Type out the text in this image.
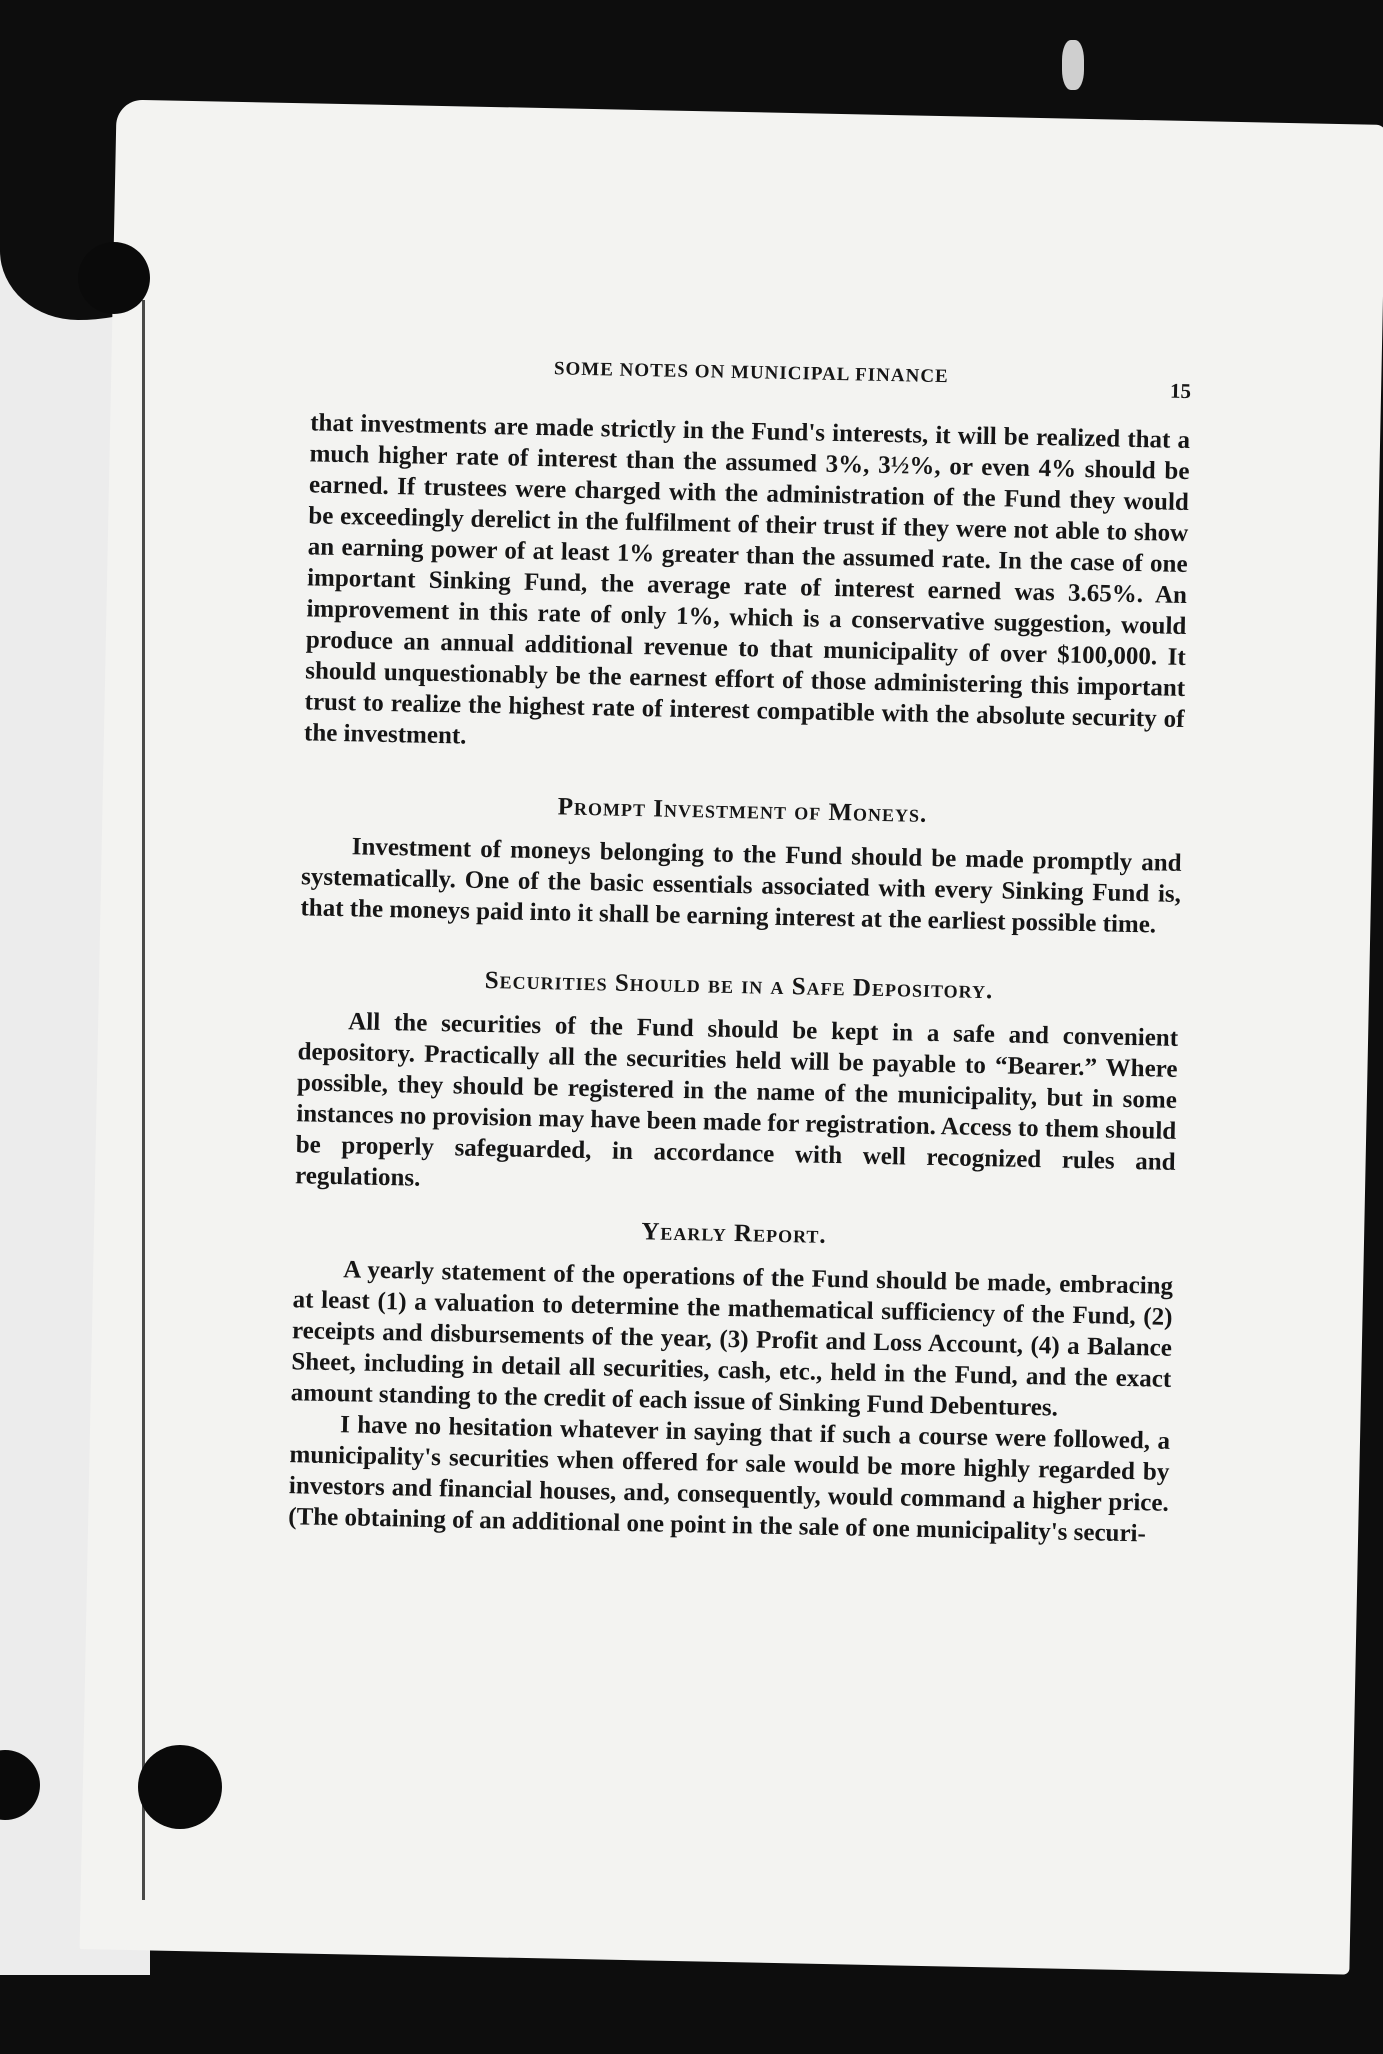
SOME NOTES ON MUNICIPAL FINANCE
15

that investments are made strictly in the Fund's interests, it will be realized that a much higher rate of interest than the assumed 3%, 3½%, or even 4% should be earned. If trustees were charged with the administration of the Fund they would be exceedingly derelict in the fulfilment of their trust if they were not able to show an earning power of at least 1% greater than the assumed rate. In the case of one important Sinking Fund, the average rate of interest earned was 3.65%. An improvement in this rate of only 1%, which is a conservative suggestion, would produce an annual additional revenue to that municipality of over $100,000. It should unquestionably be the earnest effort of those administering this important trust to realize the highest rate of interest compatible with the absolute security of the investment.

Prompt Investment of Moneys.

Investment of moneys belonging to the Fund should be made promptly and systematically. One of the basic essentials associated with every Sinking Fund is, that the moneys paid into it shall be earning interest at the earliest possible time.

Securities Should be in a Safe Depository.

All the securities of the Fund should be kept in a safe and convenient depository. Practically all the securities held will be payable to “Bearer.” Where possible, they should be registered in the name of the municipality, but in some instances no provision may have been made for registration. Access to them should be properly safeguarded, in accordance with well recognized rules and regulations.

Yearly Report.

A yearly statement of the operations of the Fund should be made, embracing at least (1) a valuation to determine the mathematical sufficiency of the Fund, (2) receipts and disbursements of the year, (3) Profit and Loss Account, (4) a Balance Sheet, including in detail all securities, cash, etc., held in the Fund, and the exact amount standing to the credit of each issue of Sinking Fund Debentures.

I have no hesitation whatever in saying that if such a course were followed, a municipality's securities when offered for sale would be more highly regarded by investors and financial houses, and, consequently, would command a higher price. (The obtaining of an additional one point in the sale of one municipality's securi-
